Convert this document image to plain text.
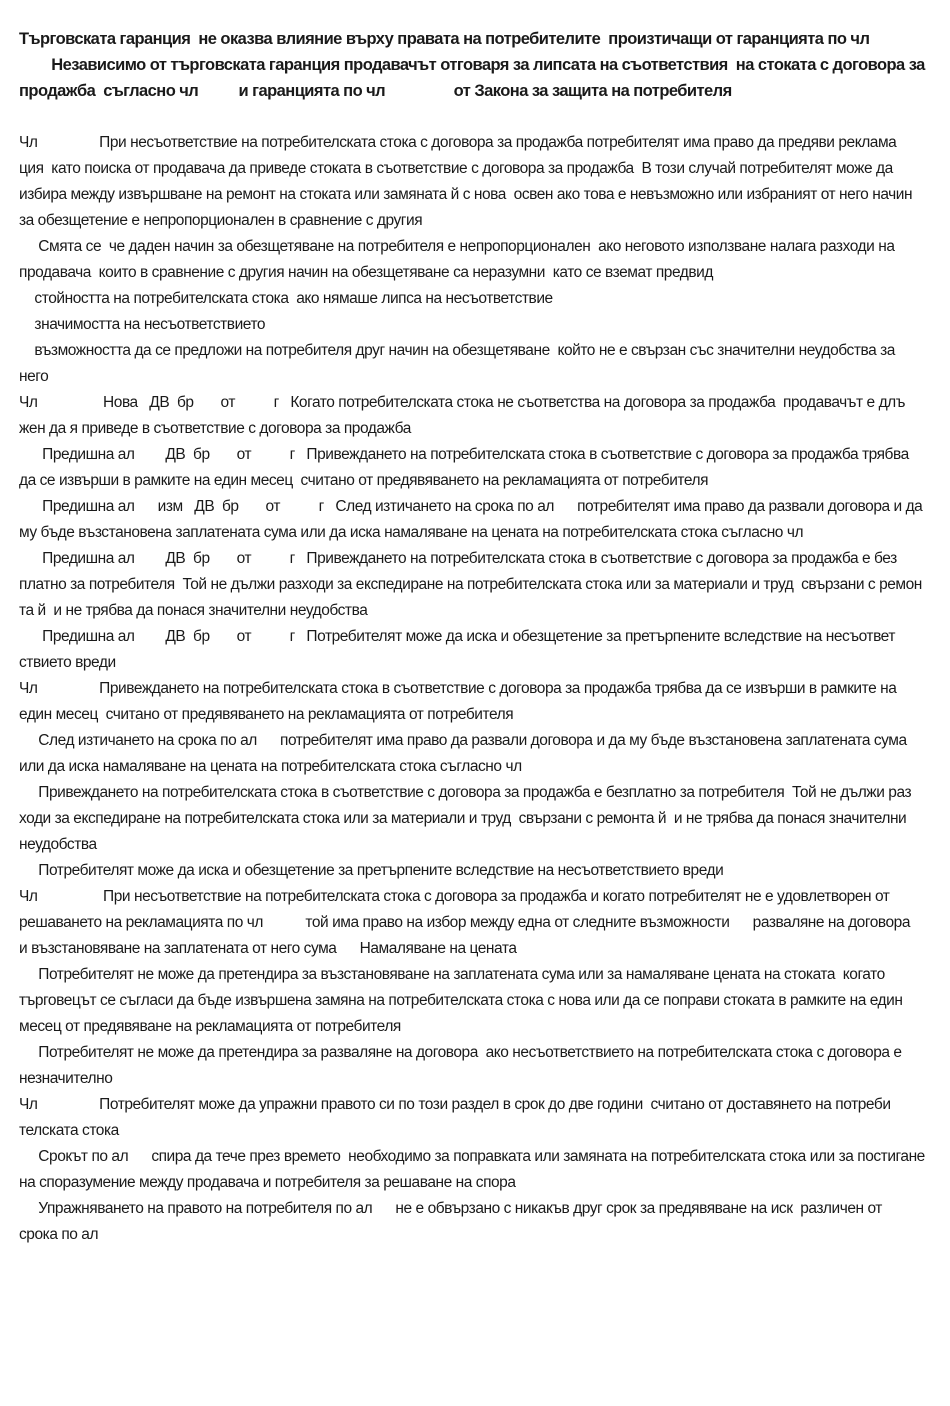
Търговската гаранция  не оказва влияние върху правата на потребителите  произтичащи от гаранцията по чл
Независимо от търговската гаранция продавачът отговаря за липсата на съответствия  на стоката с договора за
продажба  съгласно чл          и гаранцията по чл                 от Закона за защита на потребителя
Чл                При несъответствие на потребителската стока с договора за продажба потребителят има право да предяви реклама
ция  като поиска от продавача да приведе стоката в съответствие с договора за продажба  В този случай потребителят може да
избира между извършване на ремонт на стоката или замяната й с нова  освен ако това е невъзможно или избраният от него начин
за обезщетение е непропорционален в сравнение с другия
Смята се  че даден начин за обезщетяване на потребителя е непропорционален  ако неговото използване налага разходи на
продавача  които в сравнение с другия начин на обезщетяване са неразумни  като се вземат предвид
стойността на потребителската стока  ако нямаше липса на несъответствие
значимостта на несъответствието
възможността да се предложи на потребителя друг начин на обезщетяване  който не е свързан със значителни неудобства за
него
Чл                 Нова   ДВ  бр       от          г   Когато потребителската стока не съответства на договора за продажба  продавачът е длъ
жен да я приведе в съответствие с договора за продажба
Предишна ал        ДВ  бр       от          г   Привеждането на потребителската стока в съответствие с договора за продажба трябва
да се извърши в рамките на един месец  считано от предявяването на рекламацията от потребителя
Предишна ал      изм   ДВ  бр       от          г   След изтичането на срока по ал      потребителят има право да развали договора и да
му бъде възстановена заплатената сума или да иска намаляване на цената на потребителската стока съгласно чл
Предишна ал        ДВ  бр       от          г   Привеждането на потребителската стока в съответствие с договора за продажба е без
платно за потребителя  Той не дължи разходи за експедиране на потребителската стока или за материали и труд  свързани с ремон
та й  и не трябва да понася значителни неудобства
Предишна ал        ДВ  бр       от          г   Потребителят може да иска и обезщетение за претърпените вследствие на несъответ
ствието вреди
Чл                Привеждането на потребителската стока в съответствие с договора за продажба трябва да се извърши в рамките на
един месец  считано от предявяването на рекламацията от потребителя
След изтичането на срока по ал      потребителят има право да развали договора и да му бъде възстановена заплатената сума
или да иска намаляване на цената на потребителската стока съгласно чл
Привеждането на потребителската стока в съответствие с договора за продажба е безплатно за потребителя  Той не дължи раз
ходи за експедиране на потребителската стока или за материали и труд  свързани с ремонта й  и не трябва да понася значителни
неудобства
Потребителят може да иска и обезщетение за претърпените вследствие на несъответствието вреди
Чл                 При несъответствие на потребителската стока с договора за продажба и когато потребителят не е удовлетворен от
решаването на рекламацията по чл           той има право на избор между една от следните възможности      разваляне на договора
и възстановяване на заплатената от него сума      Намаляване на цената
Потребителят не може да претендира за възстановяване на заплатената сума или за намаляване цената на стоката  когато
търговецът се съгласи да бъде извършена замяна на потребителската стока с нова или да се поправи стоката в рамките на един
месец от предявяване на рекламацията от потребителя
Потребителят не може да претендира за разваляне на договора  ако несъответствието на потребителската стока с договора е
незначително
Чл                Потребителят може да упражни правото си по този раздел в срок до две години  считано от доставянето на потреби
телската стока
Срокът по ал      спира да тече през времето  необходимо за поправката или замяната на потребителската стока или за постигане
на споразумение между продавача и потребителя за решаване на спора
Упражняването на правото на потребителя по ал      не е обвързано с никакъв друг срок за предявяване на иск  различен от
срока по ал
